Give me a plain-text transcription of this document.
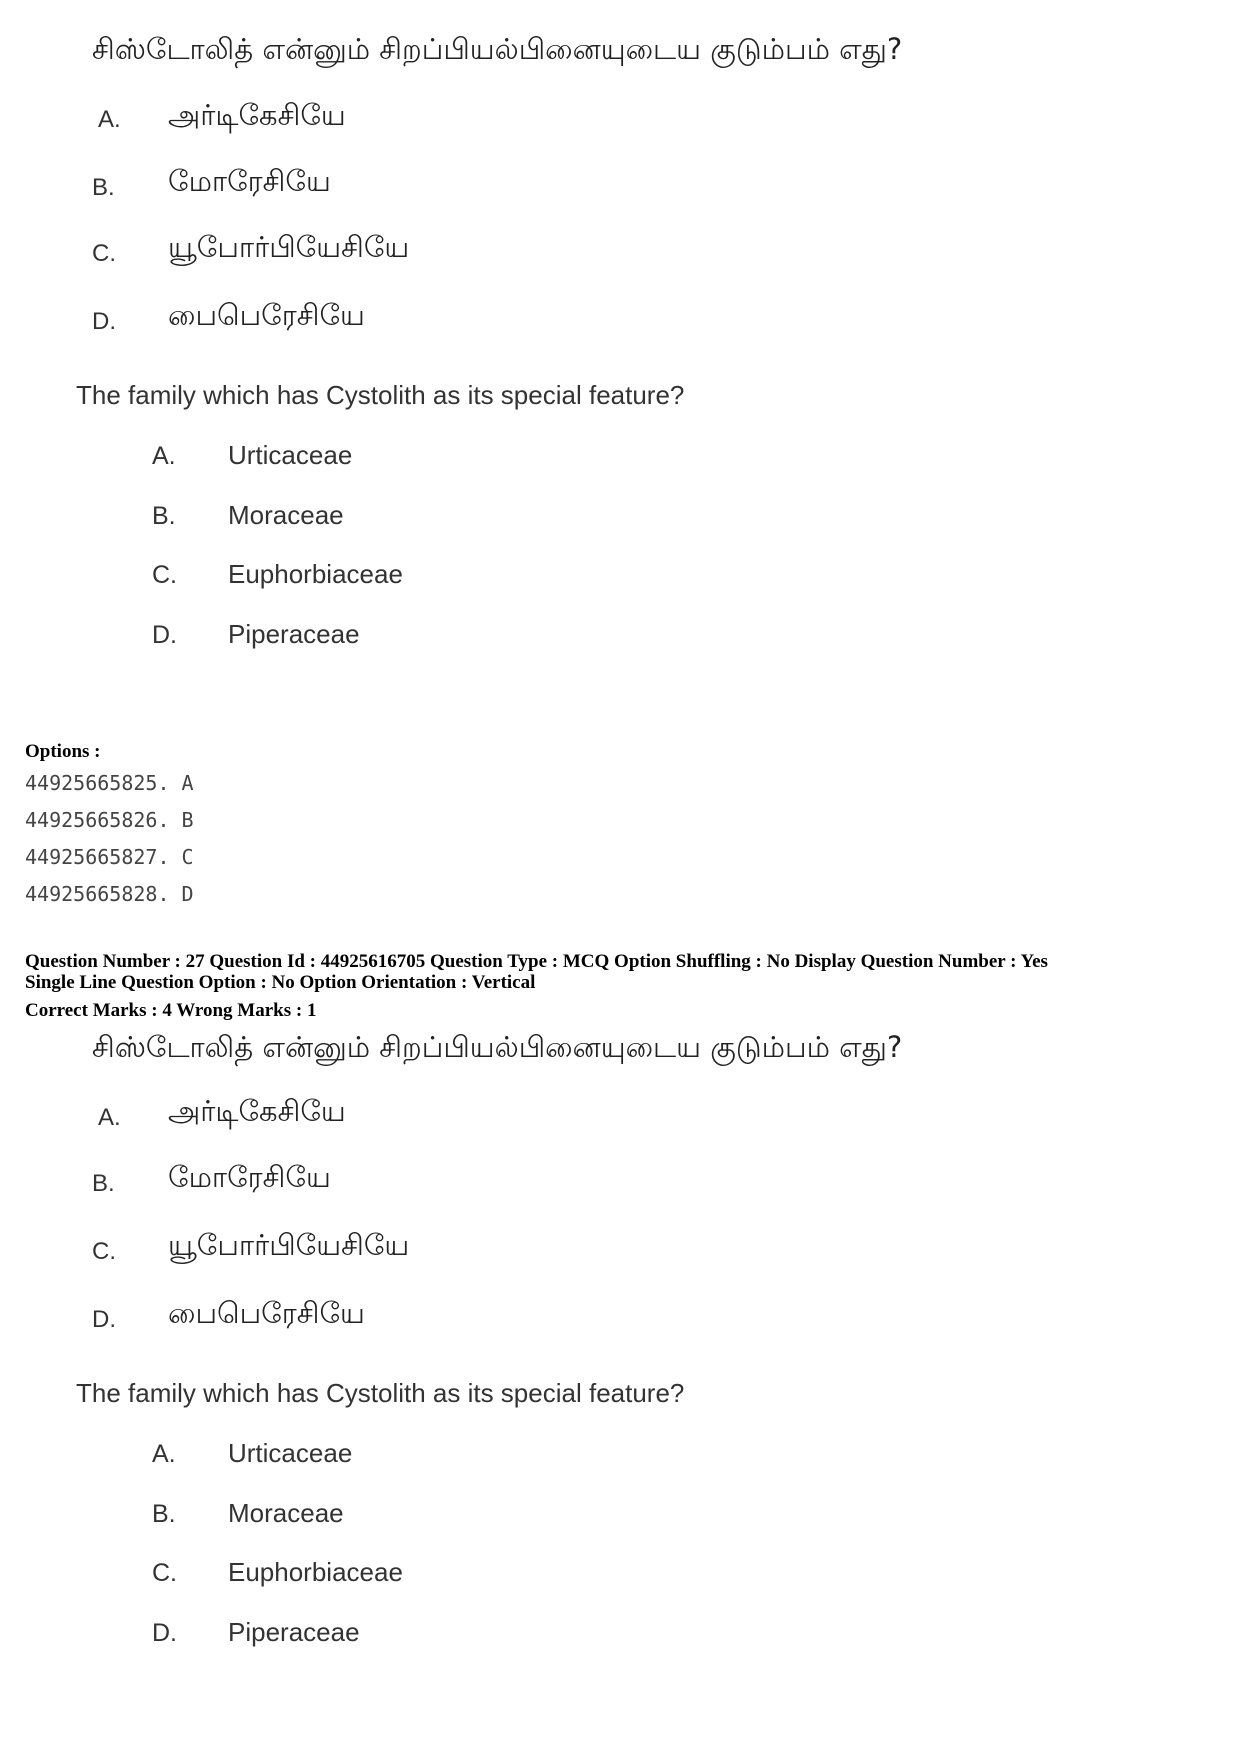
சிஸ்டோலித் என்னும் சிறப்பியல்பினையுடைய குடும்பம் எது?
A. அர்டிகேசியே
B. மோரேசியே
C. யூபோர்பியேசியே
D. பைபெரேசியே
The family which has Cystolith as its special feature?
A. Urticaceae
B. Moraceae
C. Euphorbiaceae
D. Piperaceae
Options :
44925665825. A
44925665826. B
44925665827. C
44925665828. D
Question Number : 27 Question Id : 44925616705 Question Type : MCQ Option Shuffling : No Display Question Number : Yes
Single Line Question Option : No Option Orientation : Vertical
Correct Marks : 4 Wrong Marks : 1
சிஸ்டோலித் என்னும் சிறப்பியல்பினையுடைய குடும்பம் எது?
A. அர்டிகேசியே
B. மோரேசியே
C. யூபோர்பியேசியே
D. பைபெரேசியே
The family which has Cystolith as its special feature?
A. Urticaceae
B. Moraceae
C. Euphorbiaceae
D. Piperaceae
